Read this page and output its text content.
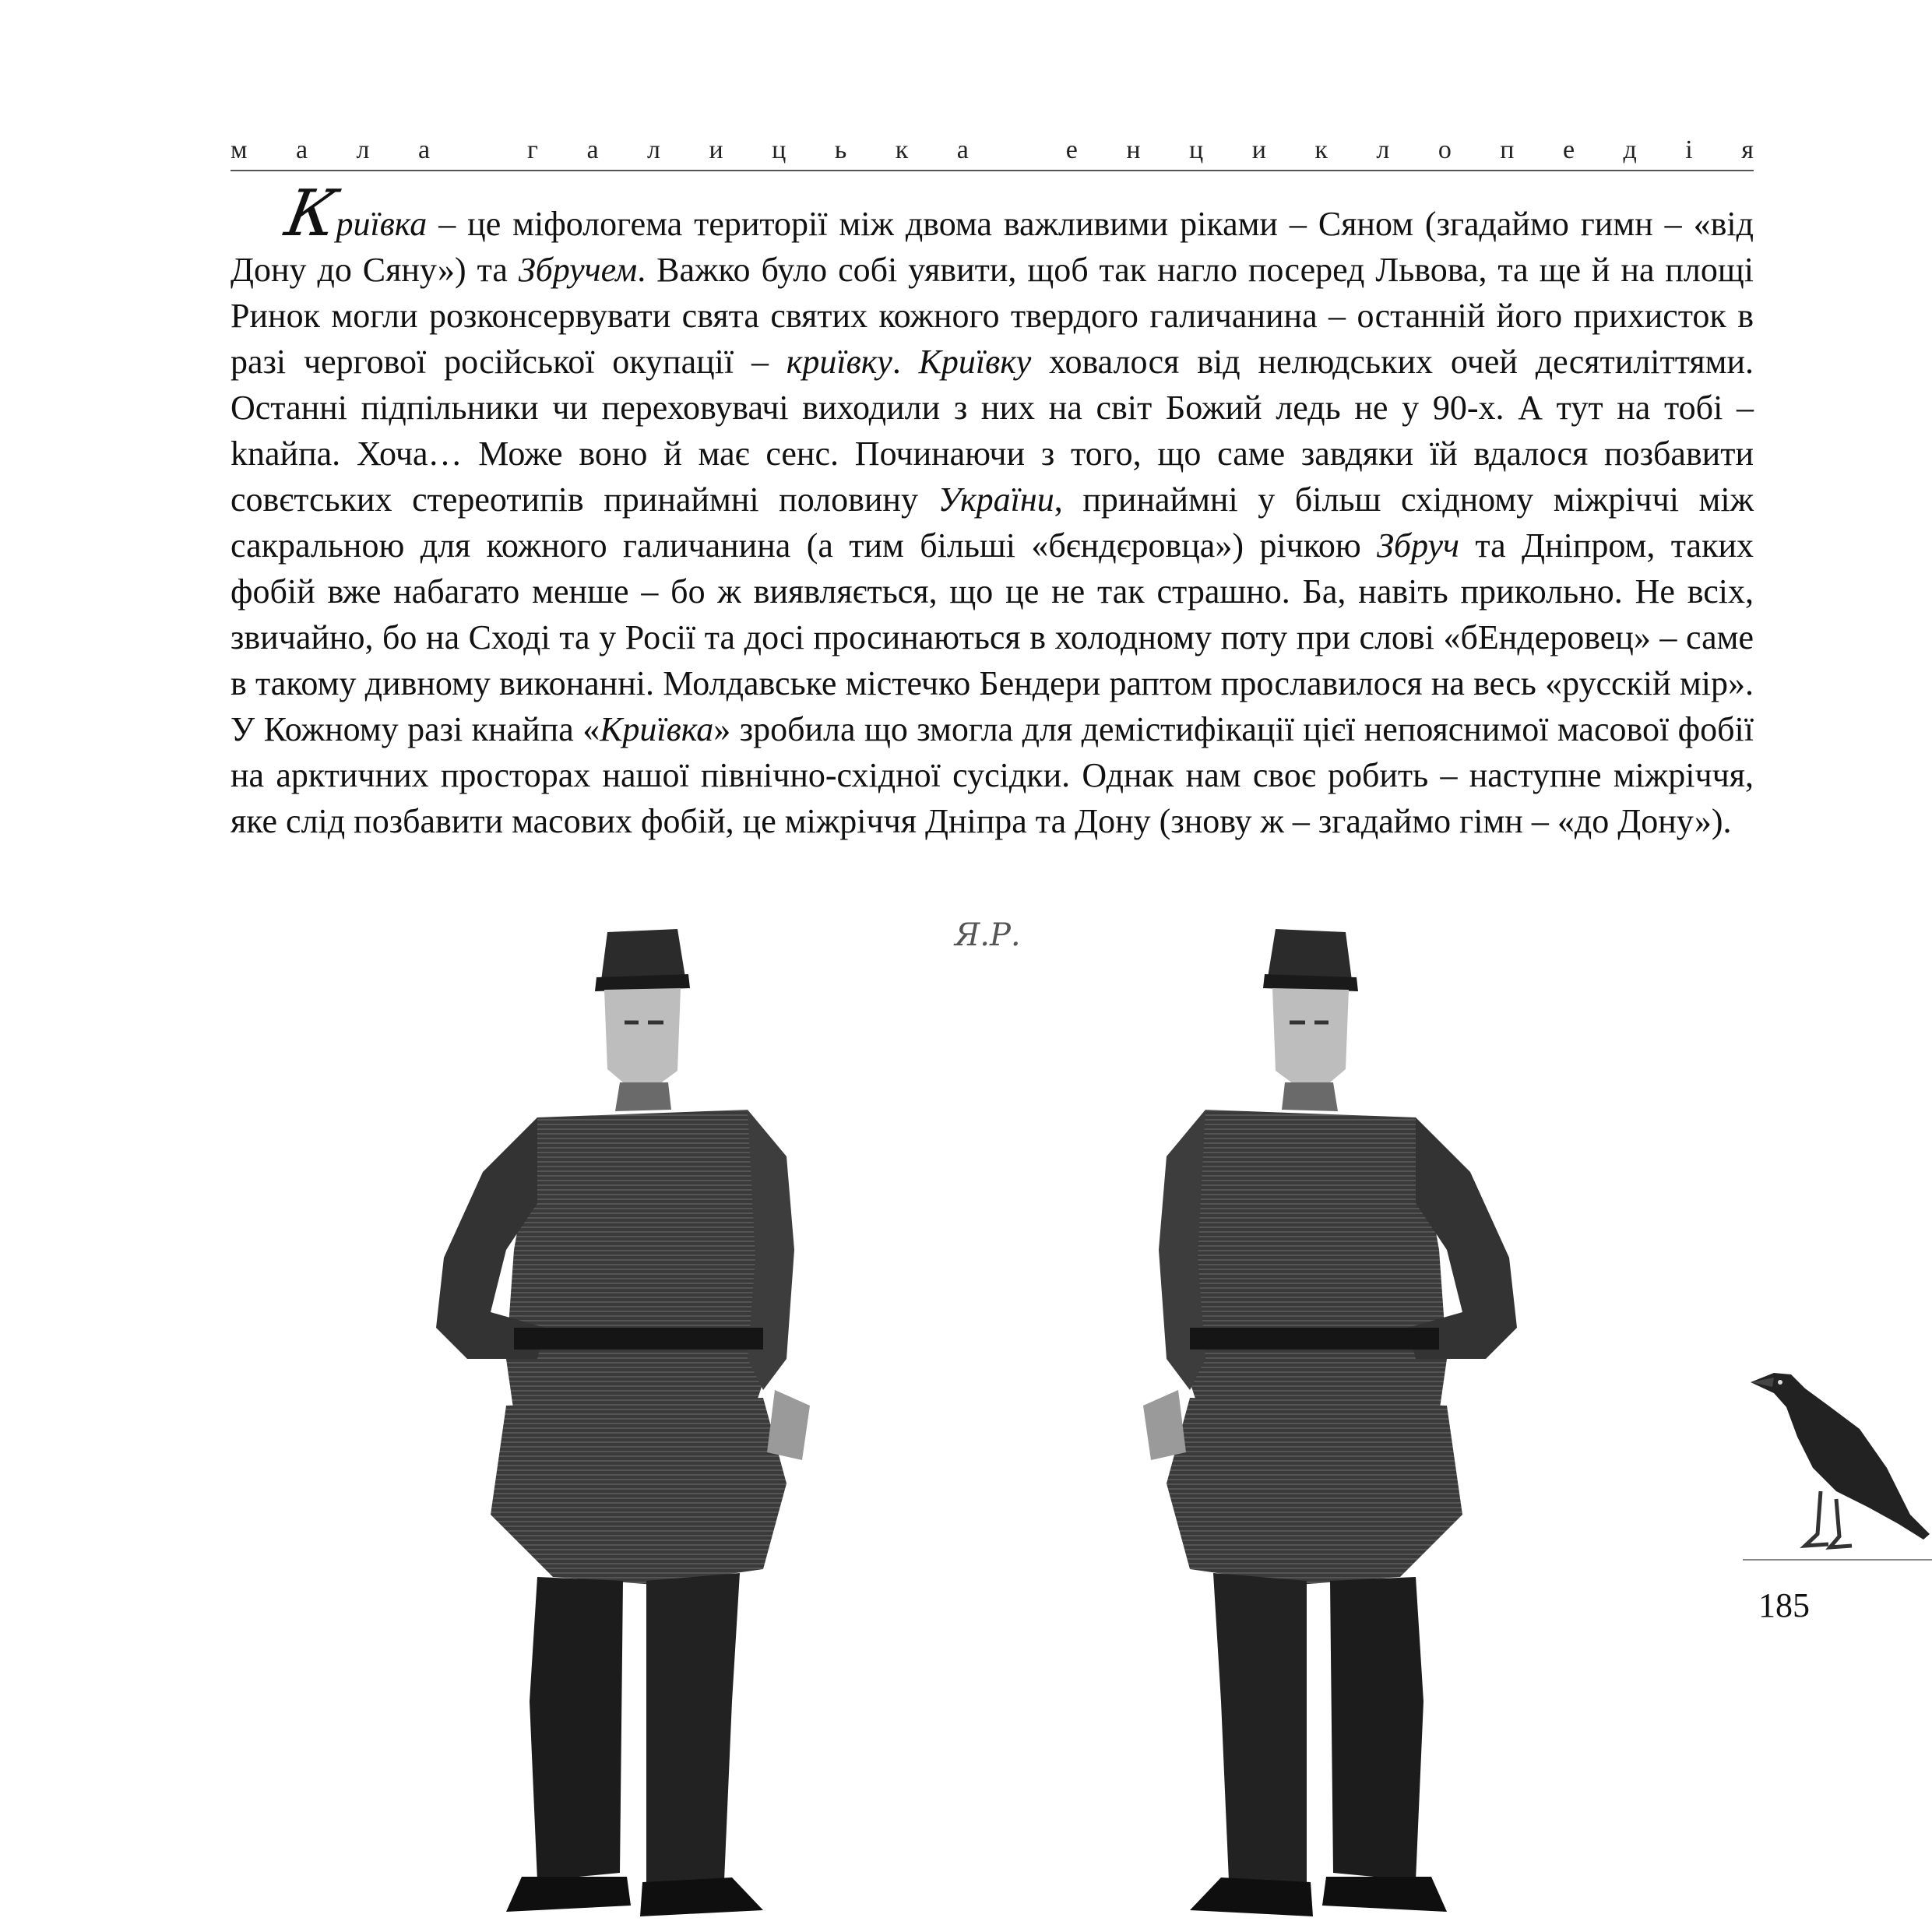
м а л а	г а л и ц ь к а	е н ц и к л о п е д і я

Криївка – це міфологема території між двома важливими ріками – Сяном (згадаймо гимн – «від Дону до Сяну») та Збручем. Важко було собі уявити, щоб так нагло посеред Львова, та ще й на площі Ринок могли розконсервувати свята святих кожного твердого галичанина – останній його прихисток в разі чергової російської окупації – криївку. Криївку ховалося від нелюдських очей десятиліттями. Останні підпільники чи переховувачі виходили з них на світ Божий ледь не у 90-х. А тут на тобі – knайпа. Хоча… Може воно й має сенс. Починаючи з того, що саме завдяки їй вдалося позбавити совєтських стереотипів принаймні половину України, принаймні у більш східному міжріччі між сакральною для кожного галичанина (а тим більші «бєндєровца») річкою Збруч та Дніпром, таких фобій вже набагато менше – бо ж виявляється, що це не так страшно. Ба, навіть прикольно. Не всіх, звичайно, бо на Сході та у Росії та досі просинаються в холодному поту при слові «бЕндеровец» – саме в такому дивному виконанні. Молдавське містечко Бендери раптом прославилося на весь «русскій мір». У Кожному разі кнайпа «Криївка» зробила що змогла для демістифікації цієї непояснимої масової фобії на арктичних просторах нашої північно-східної сусідки. Однак нам своє робить – наступне міжріччя, яке слід позбавити масових фобій, це міжріччя Дніпра та Дону (знову ж – згадаймо гімн – «до Дону»).

Я.Р.
185
